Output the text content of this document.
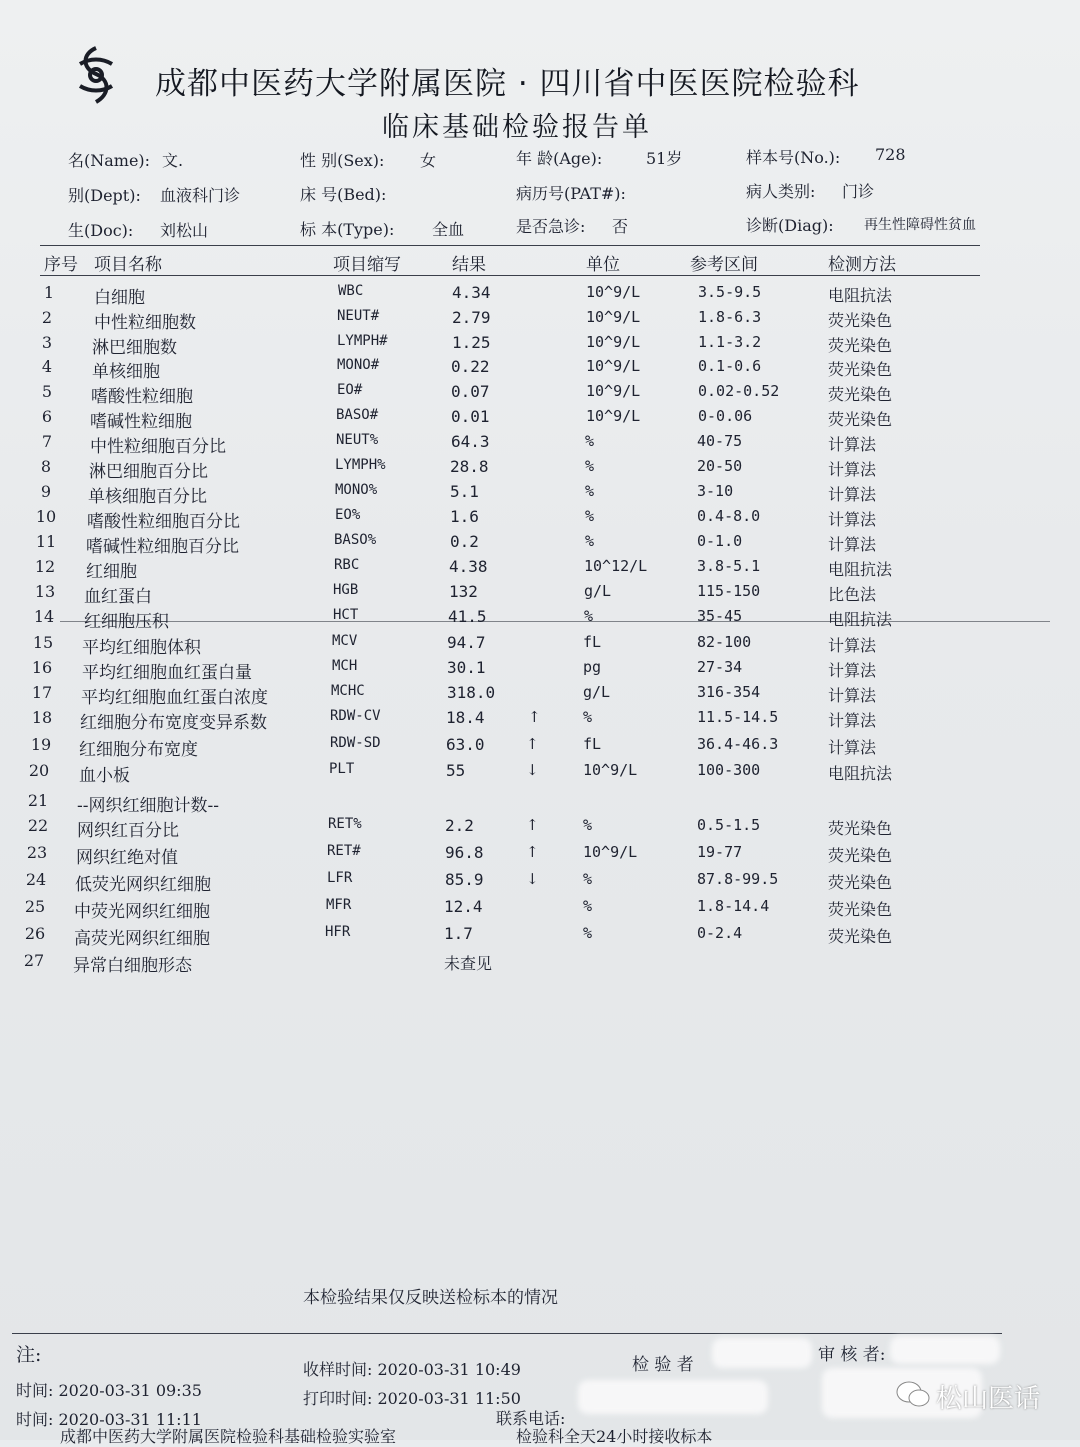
成都中医药大学附属医院 · 四川省中医医院检验科
临床基础检验报告单
名(Name): 文.	性 别(Sex): 女	年 龄(Age):	51岁	样本号(No.): 728
别(Dept): 血液科门诊	床 号(Bed):	病历号(PAT#):	病人类别: 门诊
生(Doc): 刘松山	标 本(Type): 全血	是否急诊: 否	诊断(Diag): 再生性障碍性贫血
序号 项目名称	项目缩写	结果	单位	参考区间	检测方法
1	白细胞	WBC	4.34	10^9/L	3.5-9.5	电阻抗法
2	中性粒细胞数	NEUT#	2.79	10^9/L	1.8-6.3	荧光染色
3	淋巴细胞数	LYMPH#	1.25	10^9/L	1.1-3.2	荧光染色
4	单核细胞	MONO#	0.22	10^9/L	0.1-0.6	荧光染色
5	嗜酸性粒细胞	EO#	0.07	10^9/L	0.02-0.52	荧光染色
6	嗜碱性粒细胞	BASO#	0.01	10^9/L	0-0.06	荧光染色
7	中性粒细胞百分比	NEUT%	64.3	%	40-75	计算法
8	淋巴细胞百分比	LYMPH%	28.8	%	20-50	计算法
9	单核细胞百分比	MONO%	5.1	%	3-10	计算法
10 嗜酸性粒细胞百分比	EO%	1.6	%	0.4-8.0	计算法
11 嗜碱性粒细胞百分比	BASO%	0.2	%	0-1.0	计算法
12 红细胞	RBC	4.38	10^12/L	3.8-5.1	电阻抗法
13 血红蛋白	HGB	132	g/L	115-150	比色法
14 红细胞压积	HCT	41.5	%	35-45	电阻抗法
15 平均红细胞体积	MCV	94.7	fL	82-100	计算法
16 平均红细胞血红蛋白量	MCH	30.1	pg	27-34	计算法
17 平均红细胞血红蛋白浓度	MCHC	318.0	g/L	316-354	计算法
18 红细胞分布宽度变异系数	RDW-CV	18.4	↑	%	11.5-14.5	计算法
19 红细胞分布宽度	RDW-SD	63.0	↑	fL	36.4-46.3	计算法
20 血小板	PLT	55	↓	10^9/L	100-300	电阻抗法
21 --网织红细胞计数--
22 网织红百分比	RET%	2.2	↑	%	0.5-1.5	荧光染色
23 网织红绝对值	RET#	96.8	↑	10^9/L	19-77	荧光染色
24 低荧光网织红细胞	LFR	85.9	↓	%	87.8-99.5	荧光染色
25 中荧光网织红细胞	MFR	12.4	%	1.8-14.4	荧光染色
26 高荧光网织红细胞	HFR	1.7	%	0-2.4	荧光染色
27 异常白细胞形态	未查见
本检验结果仅反映送检标本的情况
注:	检 验 者	审 核 者:
时间: 2020-03-31 09:35
收样时间: 2020-03-31 10:49
打印时间: 2020-03-31 11:50
时间: 2020-03-31 11:11	联系电话:
成都中医药大学附属医院检验科基础检验实验室	检验科全天24小时接收标本
松山医话
